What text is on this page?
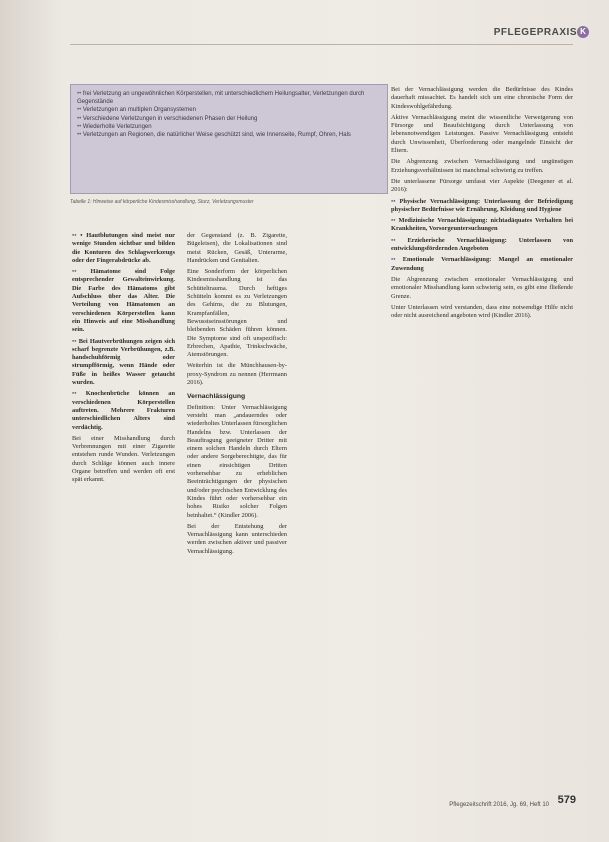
PFLEGEPRAXIS K
•• frei Verletzung an ungewöhnlichen Körperstellen, mit unterschiedlichem Heilungsalter, Verletzungen durch Gegenstände
•• Verletzungen an multiplen Organsystemen
•• Verschiedene Verletzungen in verschiedenen Phasen der Heilung
•• Wiederholte Verletzungen
•• Verletzungen an Regionen, die natürlicher Weise geschützt sind, wie Innenseite, Rumpf, Ohren, Hals
Tabelle 1: Hinweise auf körperliche Kindesmisshandlung, Sturz, Verletzungsmuster

•• • Hautblutungen sind meist nur wenige Stunden sichtbar und bilden die Konturen des Schlagwerkzeugs oder der Fingerabdrücke ab.

•• Hämatome sind Folge entsprechender Gewalteinwirkung. Die Farbe des Hämatoms gibt Aufschluss über das Alter. Die Verteilung von Hämatomen an verschiedenen Körperstellen kann ein Hinweis auf eine Misshandlung sein.

•• Bei Hautverbrühungen zeigen sich scharf begrenzte Verbrühungen, z.B. handschuhförmig oder strumpfförmig, wenn Hände oder Füße in heißes Wasser getaucht wurden.

•• Knochenbrüche können an verschiedenen Körperstellen auftreten. Mehrere Frakturen unterschiedlichen Alters sind verdächtig.

Bei einer Misshandlung durch Verbrennungen mit einer Zigarette entstehen runde Wunden. Verletzungen durch Schläge können auch innere Organe betreffen und werden oft erst spät erkannt.

der Gegenstand (z. B. Zigarette, Bügeleisen), die Lokalisationen sind meist Rücken, Gesäß, Unterarme, Handrücken und Genitalien.

Eine Sonderform der körperlichen Kindesmisshandlung ist das Schütteltrauma. Durch heftiges Schütteln kommt es zu Verletzungen des Gehirns, die zu Blutungen, Krampfanfällen, Bewusstseinsstörungen und bleibenden Schäden führen können. Die Symptome sind oft unspezifisch: Erbrechen, Apathie, Trinkschwäche, Atemstörungen.

Weiterhin ist die Münchhausen-by-proxy-Syndrom zu nennen (Herrmann 2016).

Vernachlässigung

Definition: Unter Vernachlässigung versteht man „andauerndes oder wiederholtes Unterlassen fürsorglichen Handelns bzw. Unterlassen der Beauftragung geeigneter Dritter mit einem solchen Handeln durch Eltern oder andere Sorgeberechtigte, das für einen einsichtigen Dritten vorhersehbar zu erheblichen Beeinträchtigungen der physischen und/oder psychischen Entwicklung des Kindes führt oder vorhersehbar ein hohes Risiko solcher Folgen beinhaltet.“ (Kindler 2006).

Bei der Entstehung der Vernachlässigung kann unterschieden werden zwischen aktiver und passiver Vernachlässigung.

Bei der Vernachlässigung werden die Bedürfnisse des Kindes dauerhaft missachtet. Es handelt sich um eine chronische Form der Kindeswohlgefährdung.

Aktive Vernachlässigung meint die wissentliche Verweigerung von Fürsorge und Beaufsichtigung durch Unterlassung von lebensnotwendigen Leistungen. Passive Vernachlässigung entsteht durch Unwissenheit, Überforderung oder mangelnde Einsicht der Eltern.

Die Abgrenzung zwischen Vernachlässigung und ungünstigen Erziehungsverhältnissen ist manchmal schwierig zu treffen.

Die unterlassene Fürsorge umfasst vier Aspekte (Deegener et al. 2016):

•• Physische Vernachlässigung: Unterlassung der Befriedigung physischer Bedürfnisse wie Ernährung, Kleidung und Hygiene

•• Medizinische Vernachlässigung: nichtadäquates Verhalten bei Krankheiten, Vorsorgeuntersuchungen

•• Erzieherische Vernachlässigung: Unterlassen von entwicklungsfördernden Angeboten

•• Emotionale Vernachlässigung: Mangel an emotionaler Zuwendung

Die Abgrenzung zwischen emotionaler Vernachlässigung und emotionaler Misshandlung kann schwierig sein, es gibt eine fließende Grenze.

Unter Unterlassen wird verstanden, dass eine notwendige Hilfe nicht oder nicht ausreichend angeboten wird (Kindler 2016).

Pflegezeitschrift 2016, Jg. 69, Heft 10 579
